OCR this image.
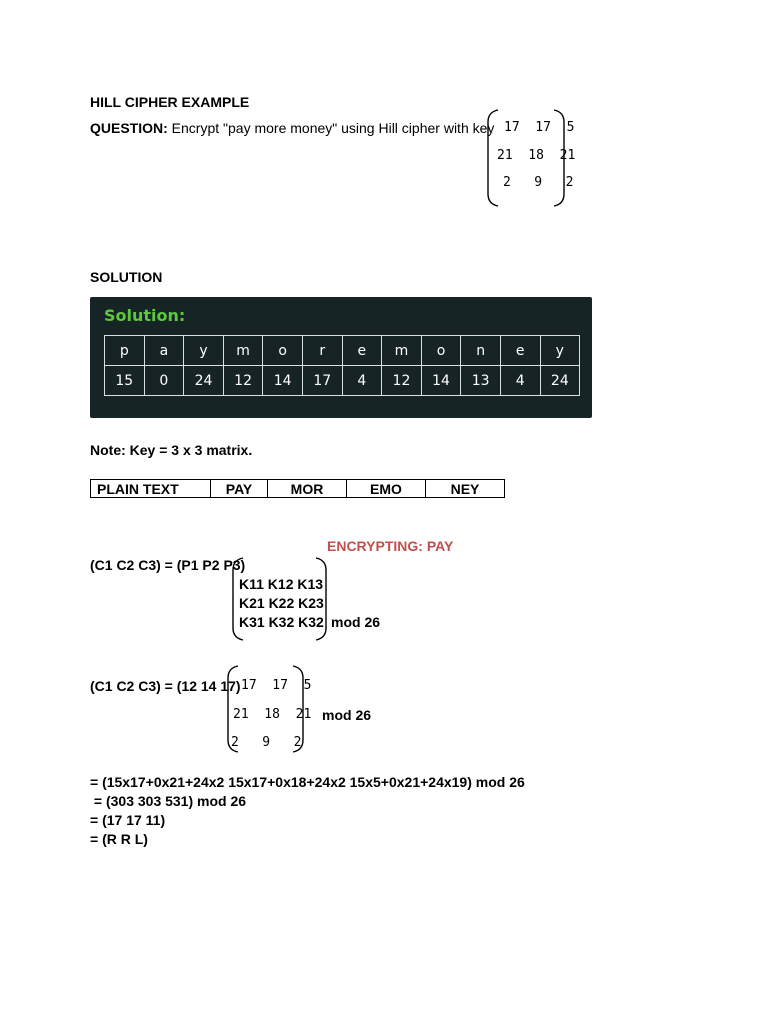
HILL CIPHER EXAMPLE
QUESTION: Encrypt "pay more money" using Hill cipher with key 17  17  5
21  18  21
2   9   2
SOLUTION
Solution:
p	a	y	m	o	r	e	m	o	n	e	y
15	0	24	12	14	17	4	12	14	13	4	24
Note: Key = 3 x 3 matrix.
PLAIN TEXT	PAY	MOR	EMO	NEY
ENCRYPTING: PAY
(C1 C2 C3) = (P1 P2 P3)
K11 K12 K13
K21 K22 K23
K31 K32 K32 mod 26
(C1 C2 C3) = (12 14 17) 17  17  5
21  18  21
2   9   2
mod 26
= (15x17+0x21+24x2 15x17+0x18+24x2 15x5+0x21+24x19) mod 26
= (303 303 531) mod 26
= (17 17 11)
= (R R L)
